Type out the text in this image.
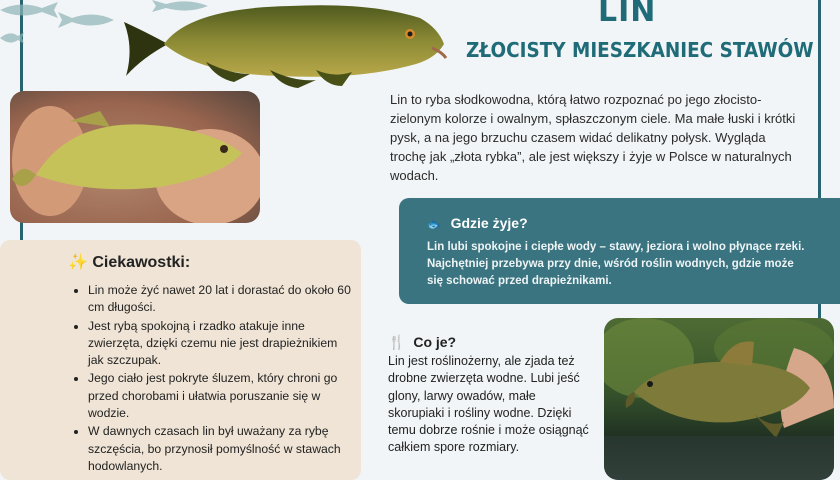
LIN
ZŁOCISTY MIESZKANIEC STAWÓW

Lin to ryba słodkowodna, którą łatwo rozpoznać po jego złocisto-zielonym kolorze i owalnym, spłaszczonym ciele. Ma małe łuski i krótki pysk, a na jego brzuchu czasem widać delikatny połysk. Wygląda trochę jak „złota rybka”, ale jest większy i żyje w Polsce w naturalnych wodach.

✨ Ciekawostki:
• Lin może żyć nawet 20 lat i dorastać do około 60 cm długości.
• Jest rybą spokojną i rzadko atakuje inne zwierzęta, dzięki czemu nie jest drapieżnikiem jak szczupak.
• Jego ciało jest pokryte śluzem, który chroni go przed chorobami i ułatwia poruszanie się w wodzie.
• W dawnych czasach lin był uważany za rybę szczęścia, bo przynosił pomyślność w stawach hodowlanych.
🐟 Gdzie żyje?

Lin lubi spokojne i ciepłe wody – stawy, jeziora i wolno płynące rzeki. Najchętniej przebywa przy dnie, wśród roślin wodnych, gdzie może się schować przed drapieżnikami.

🍴 Co je?

Lin jest roślinożerny, ale zjada też drobne zwierzęta wodne. Lubi jeść glony, larwy owadów, małe skorupiaki i rośliny wodne. Dzięki temu dobrze rośnie i może osiągnąć całkiem spore rozmiary.
